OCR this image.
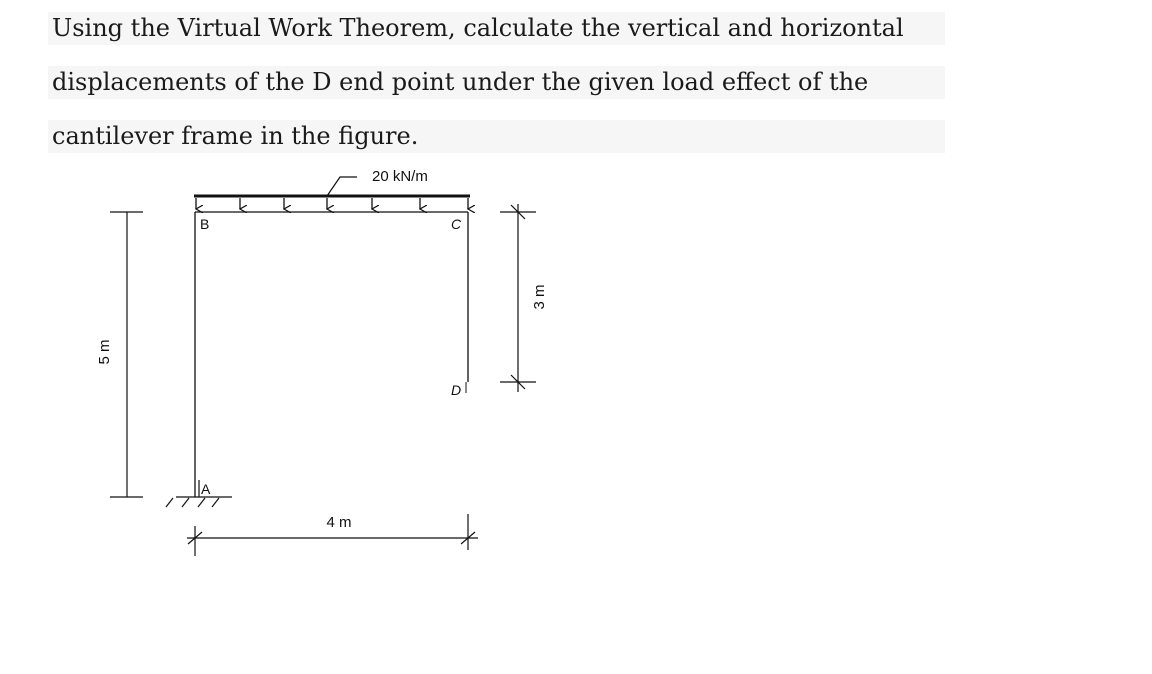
Using the Virtual Work Theorem, calculate the vertical and horizontal
displacements of the D end point under the given load effect of the
cantilever frame in the figure.
20 kN/m
B	C
D
A
5 m
4 m
3 m
